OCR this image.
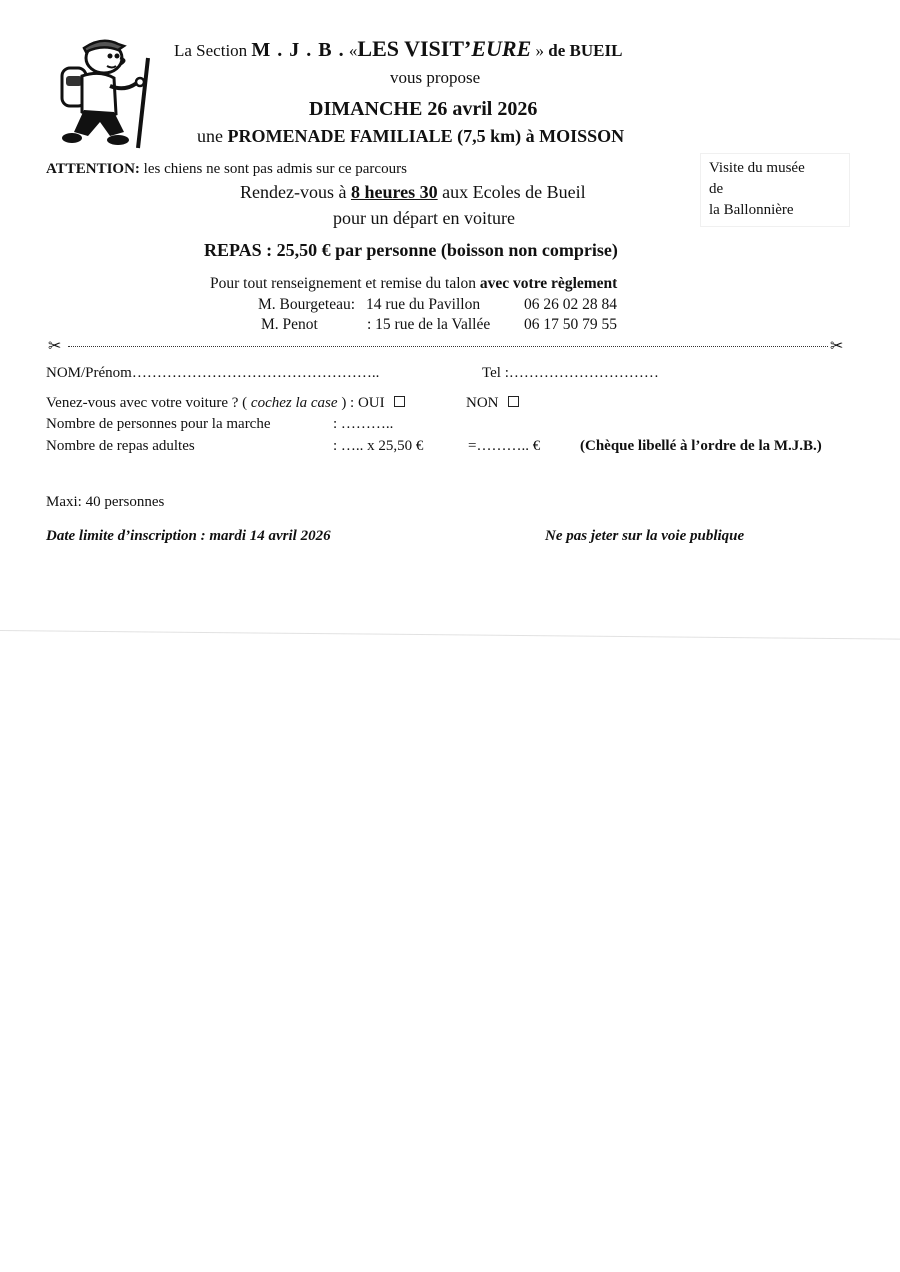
La Section M . J . B . «LES VISIT’EURE » de BUEIL
vous propose
DIMANCHE 26 avril 2026
une PROMENADE FAMILIALE (7,5 km) à MOISSON
ATTENTION: les chiens ne sont pas admis sur ce parcours	Visite du musée
de
la Ballonnière
Rendez-vous à 8 heures 30 aux Ecoles de Bueil
pour un départ en voiture
REPAS : 25,50 € par personne (boisson non comprise)
Pour tout renseignement et remise du talon avec votre règlement
M. Bourgeteau: 14 rue du Pavillon	06 26 02 28 84
M. Penot	: 15 rue de la Vallée 06 17 50 79 55
✂	✂
NOM/Prénom…………………………………………..	Tel :…………………………
Venez-vous avec votre voiture ? ( cochez la case ) : OUI	NON
Nombre de personnes pour la marche	: ………..
Nombre de repas adultes	: ….. x 25,50 €	=……….. €	(Chèque libellé à l’ordre de la M.J.B.)
Maxi: 40 personnes
Date limite d’inscription : mardi 14 avril 2026	Ne pas jeter sur la voie publique
